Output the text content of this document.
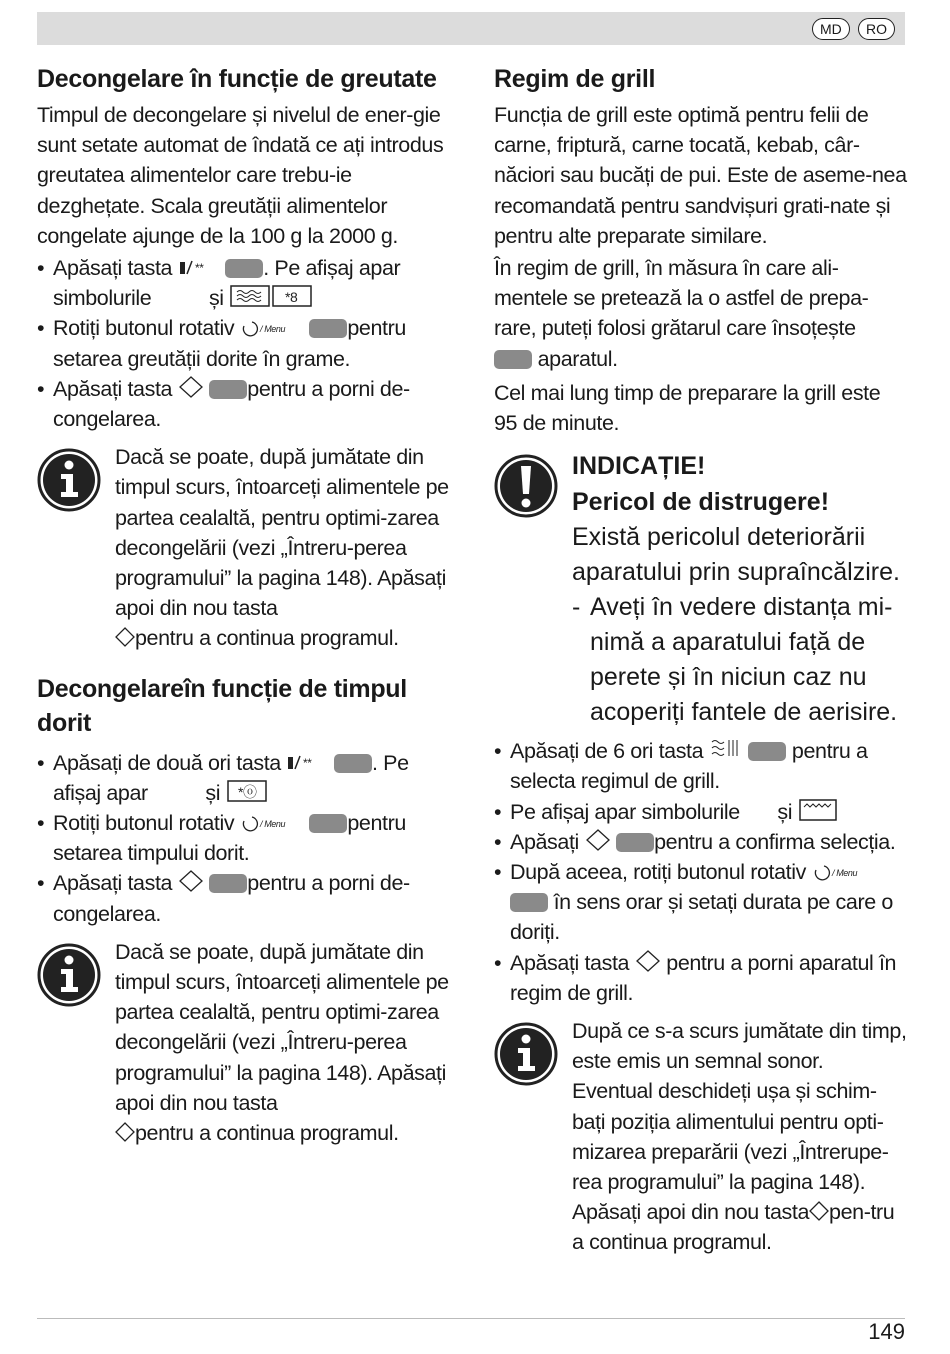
MD	RO
Decongelare în funcție de greutate

Timpul de decongelare și nivelul de ener-gie sunt setate automat de îndată ce ați introdus greutatea alimentelor care trebu-ie dezghețate. Scala greutății alimentelor congelate ajunge de la 100 g la 2000 g.

• Apăsați tasta **	. Pe afișaj apar simbolurile	și	*8
• Rotiți butonul rotativ	/ Menu	pentru setarea greutății dorite în grame.
• Apăsați tasta	pentru a porni de-congelarea.

Dacă se poate, după jumătate din timpul scurs, întoarceți alimentele pe partea cealaltă, pentru optimi-zarea decongelării (vezi „Întreru-perea programului” la pagina 148). Apăsați apoi din nou tasta
pentru a continua programul.

Decongelareîn funcție de timpul dorit
• Apăsați de două ori tasta **	. Pe afișaj apar	și *ⓞ
• Rotiți butonul rotativ	/ Menu	pentru setarea timpului dorit.
• Apăsați tasta	pentru a porni de-congelarea.

Dacă se poate, după jumătate din timpul scurs, întoarceți alimentele pe partea cealaltă, pentru optimi-zarea decongelării (vezi „Întreru-perea programului” la pagina 148). Apăsați apoi din nou tasta
pentru a continua programul.

Regim de grill

Funcția de grill este optimă pentru felii de carne, friptură, carne tocată, kebab, câr-năciori sau bucăți de pui. Este de aseme-nea recomandată pentru sandvișuri grati-nate și pentru alte preparate similare.

În regim de grill, în măsura în care ali-mentele se pretează la o astfel de prepa-rare, puteți folosi grătarul care însoțește
aparatul.

Cel mai lung timp de preparare la grill este 95 de minute.

INDICAȚIE!
Pericol de distrugere!
Există pericolul deteriorării aparatului prin supraîncălzire.
- Aveți în vedere distanța mi-nimă a aparatului față de perete și în niciun caz nu acoperiți fantele de aerisire.
• Apăsați de 6 ori tasta	pentru a selecta regimul de grill.
• Pe afișaj apar simbolurile și
• Apăsați	pentru a confirma selecția.
• După aceea, rotiți butonul rotativ	/ Menu
în sens orar și setați durata pe care o doriți.
• Apăsați tasta pentru a porni aparatul în regim de grill.

După ce s-a scurs jumătate din timp, este emis un semnal sonor. Eventual deschideți ușa și schim-bați poziția alimentului pentru opti-mizarea preparării (vezi „Întrerupe-rea programului” la pagina 148). Apăsați apoi din nou tasta pen-tru a continua programul.

149
